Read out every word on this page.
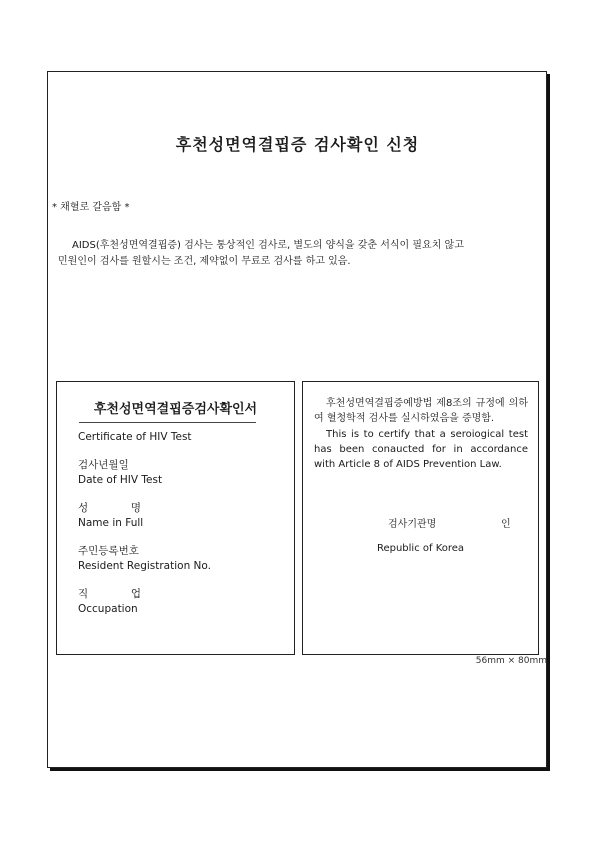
후천성면역결핍증 검사확인 신청
* 채혈로 갈음함 *
AIDS(후천성면역결핍증) 검사는 통상적인 검사로, 별도의 양식을 갖춘 서식이 필요치 않고
민원인이 검사를 원할시는 조건, 제약없이 무료로 검사를 하고 있음.
후천성면역결핍증검사확인서
Certificate of HIV Test
검사년월일
Date of HIV Test
성  명
Name in Full
주민등록번호
Resident Registration No.
직  업
Occupation
후천성면역결핍증예방법 제8조의 규정에 의하여 혈청학적 검사를 실시하였음을 증명함.
This is to certify that a seroiogical test has been conaucted for in accordance with Article 8 of AIDS Prevention Law.
검사기관명	인
Republic of Korea
56mm × 80mm
